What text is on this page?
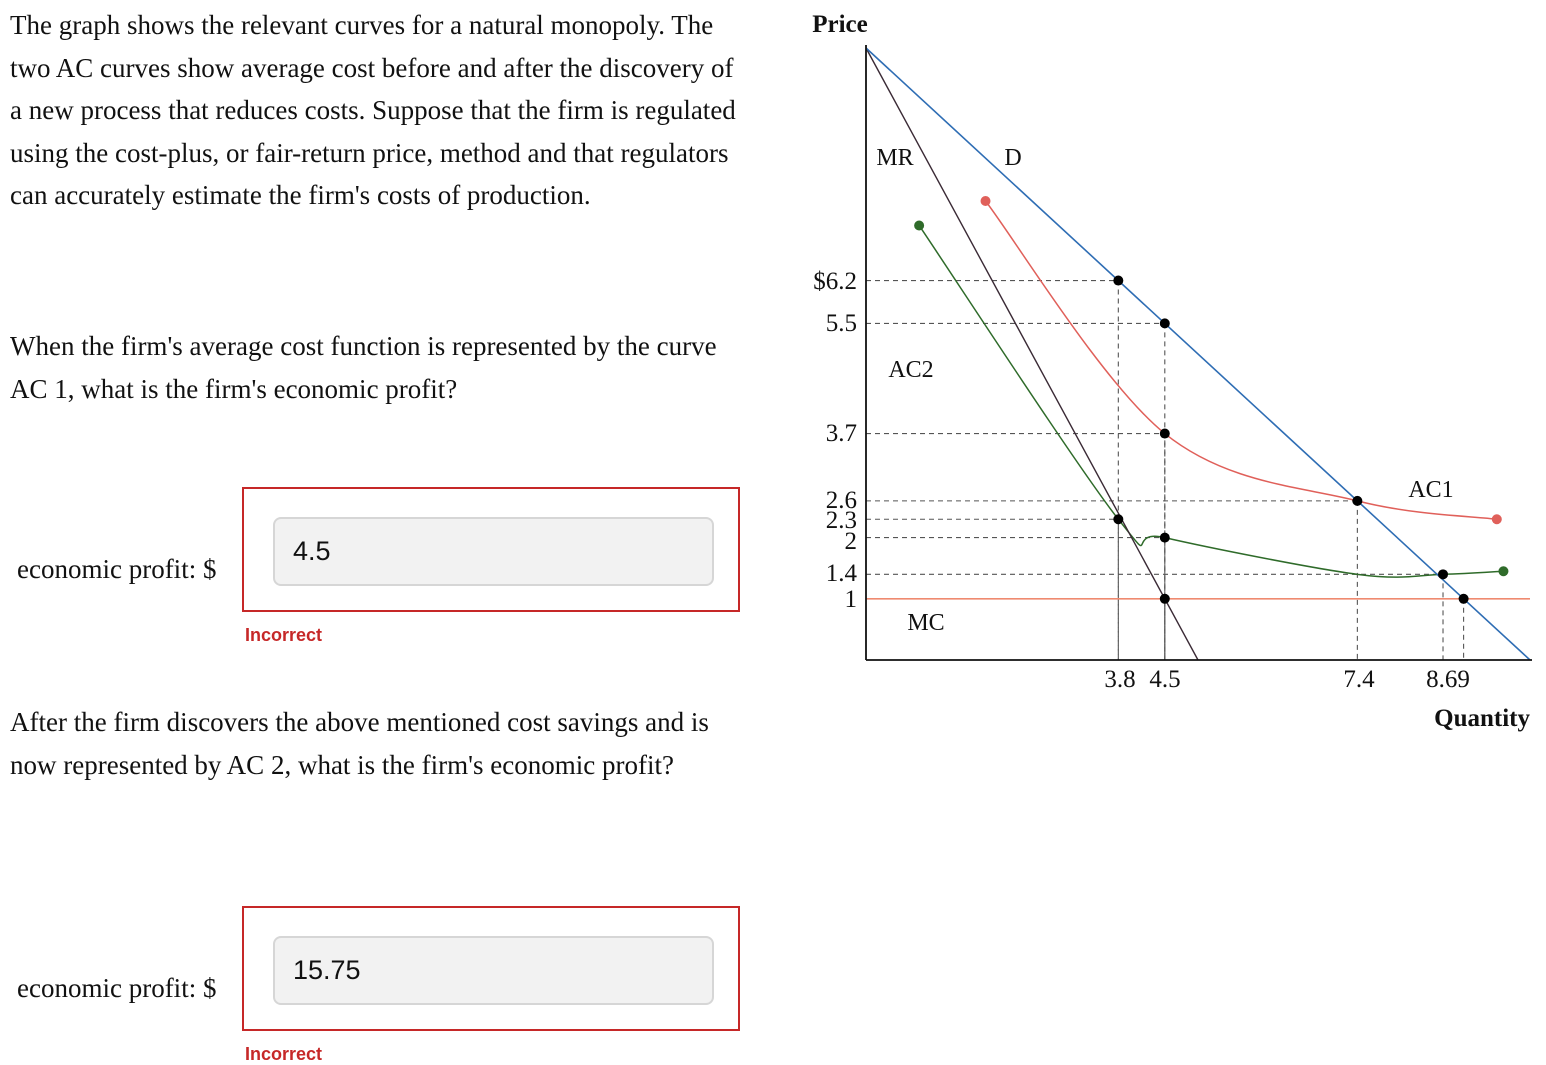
The graph shows the relevant curves for a natural monopoly. The two AC curves show average cost before and after the discovery of a new process that reduces costs. Suppose that the firm is regulated using the cost-plus, or fair-return price, method and that regulators can accurately estimate the firm's costs of production.

When the firm's average cost function is represented by the curve AC 1, what is the firm's economic profit?

economic profit: $
4.5
Incorrect

After the firm discovers the above mentioned cost savings and is now represented by AC 2, what is the firm's economic profit?

economic profit: $
15.75
Incorrect
Price
Quantity
$6.2
5.5
3.7
2.6
2.3
2
1.4
1
3.8 4.5	7.4 8.69
MR	D
AC2
AC1
MC
